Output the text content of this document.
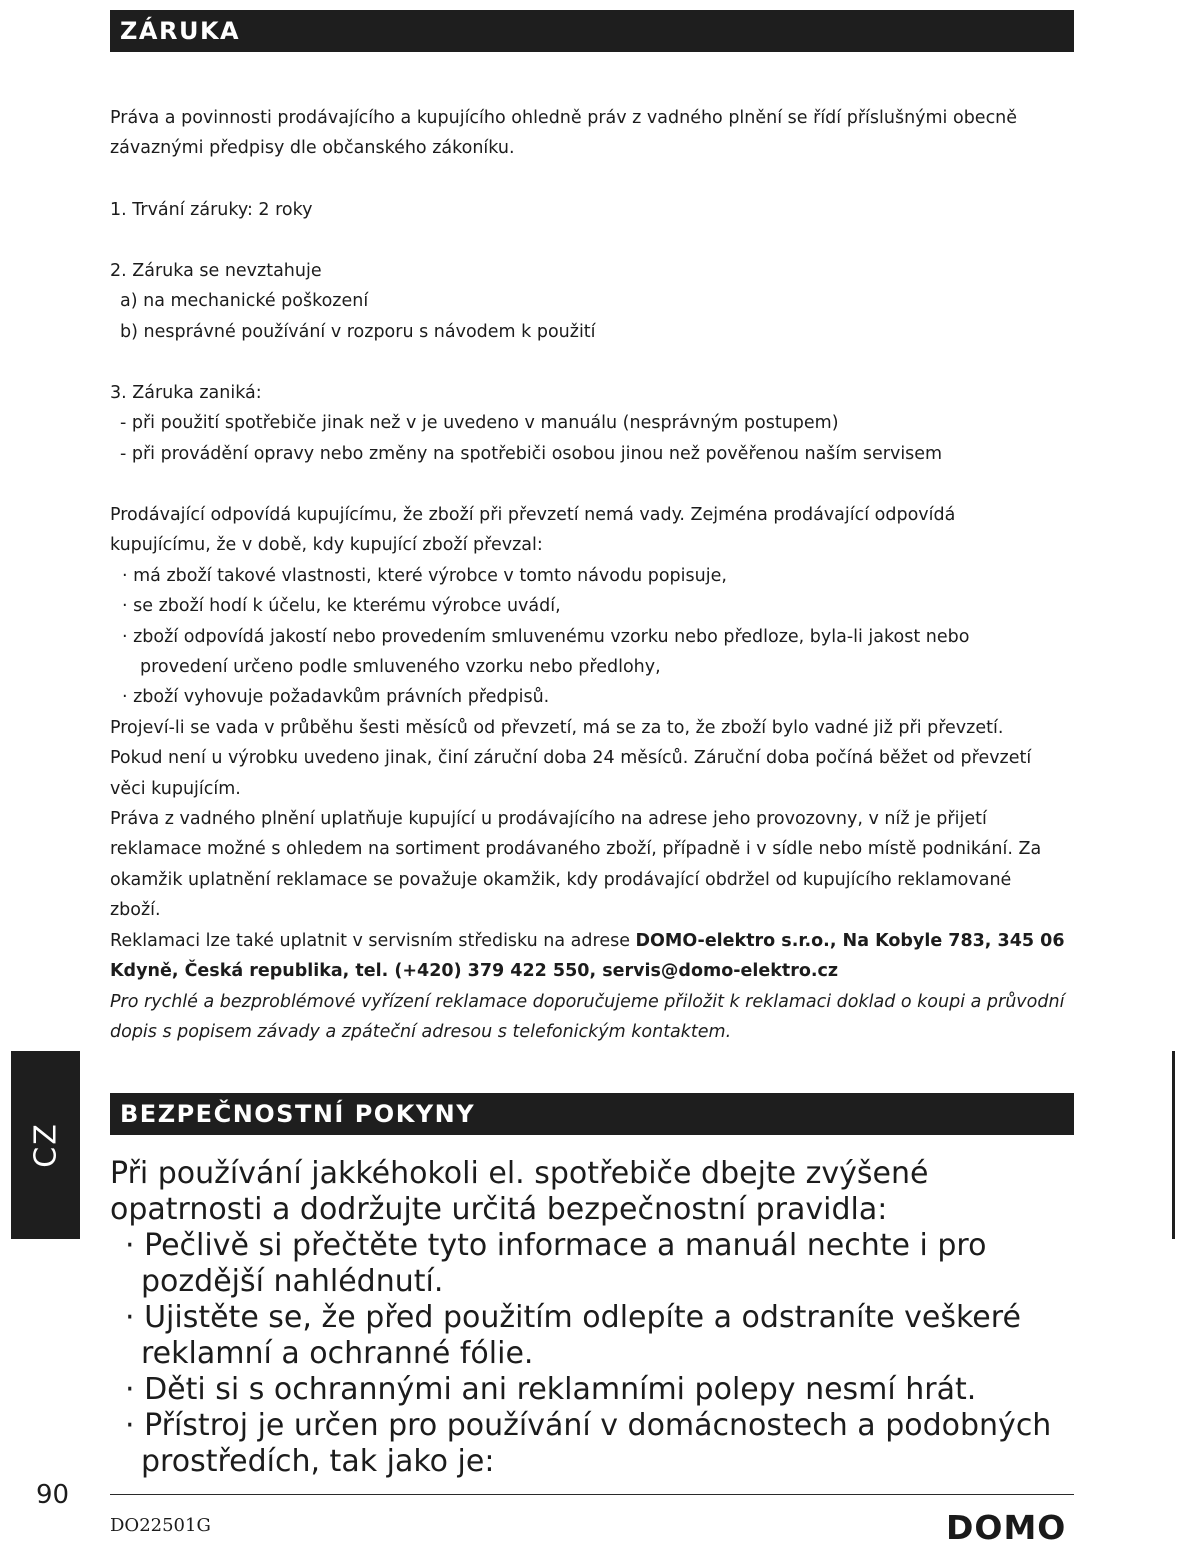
ZÁRUKA

Práva a povinnosti prodávajícího a kupujícího ohledně práv z vadného plnění se řídí příslušnými obecně

závaznými předpisy dle občanského zákoníku.

1. Trvání záruky: 2 roky

2. Záruka se nevztahuje

a) na mechanické poškození

b) nesprávné používání v rozporu s návodem k použití

3. Záruka zaniká:

- při použití spotřebiče jinak než v je uvedeno v manuálu (nesprávným postupem)

- při provádění opravy nebo změny na spotřebiči osobou jinou než pověřenou naším servisem

Prodávající odpovídá kupujícímu, že zboží při převzetí nemá vady. Zejména prodávající odpovídá

kupujícímu, že v době, kdy kupující zboží převzal:

· má zboží takové vlastnosti, které výrobce v tomto návodu popisuje,

· se zboží hodí k účelu, ke kterému výrobce uvádí,

· zboží odpovídá jakostí nebo provedením smluvenému vzorku nebo předloze, byla-li jakost nebo

provedení určeno podle smluveného vzorku nebo předlohy,

· zboží vyhovuje požadavkům právních předpisů.

Projeví-li se vada v průběhu šesti měsíců od převzetí, má se za to, že zboží bylo vadné již při převzetí.

Pokud není u výrobku uvedeno jinak, činí záruční doba 24 měsíců. Záruční doba počíná běžet od převzetí

věci kupujícím.

Práva z vadného plnění uplatňuje kupující u prodávajícího na adrese jeho provozovny, v níž je přijetí

reklamace možné s ohledem na sortiment prodávaného zboží, případně i v sídle nebo místě podnikání. Za

okamžik uplatnění reklamace se považuje okamžik, kdy prodávající obdržel od kupujícího reklamované

zboží.

Reklamaci lze také uplatnit v servisním středisku na adrese DOMO-elektro s.r.o., Na Kobyle 783, 345 06

Kdyně, Česká republika, tel. (+420) 379 422 550, servis@domo-elektro.cz

Pro rychlé a bezproblémové vyřízení reklamace doporučujeme přiložit k reklamaci doklad o koupi a průvodní

dopis s popisem závady a zpáteční adresou s telefonickým kontaktem.

BEZPEČNOSTNÍ POKYNY

Při používání jakkéhokoli el. spotřebiče dbejte zvýšené

opatrnosti a dodržujte určitá bezpečnostní pravidla:

· Pečlivě si přečtěte tyto informace a manuál nechte i pro

pozdější nahlédnutí.

· Ujistěte se, že před použitím odlepíte a odstraníte veškeré

reklamní a ochranné fólie.

· Děti si s ochrannými ani reklamními polepy nesmí hrát.

· Přístroj je určen pro používání v domácnostech a podobných

prostředích, tak jako je:

CZ
90
DO22501G	DOMO
